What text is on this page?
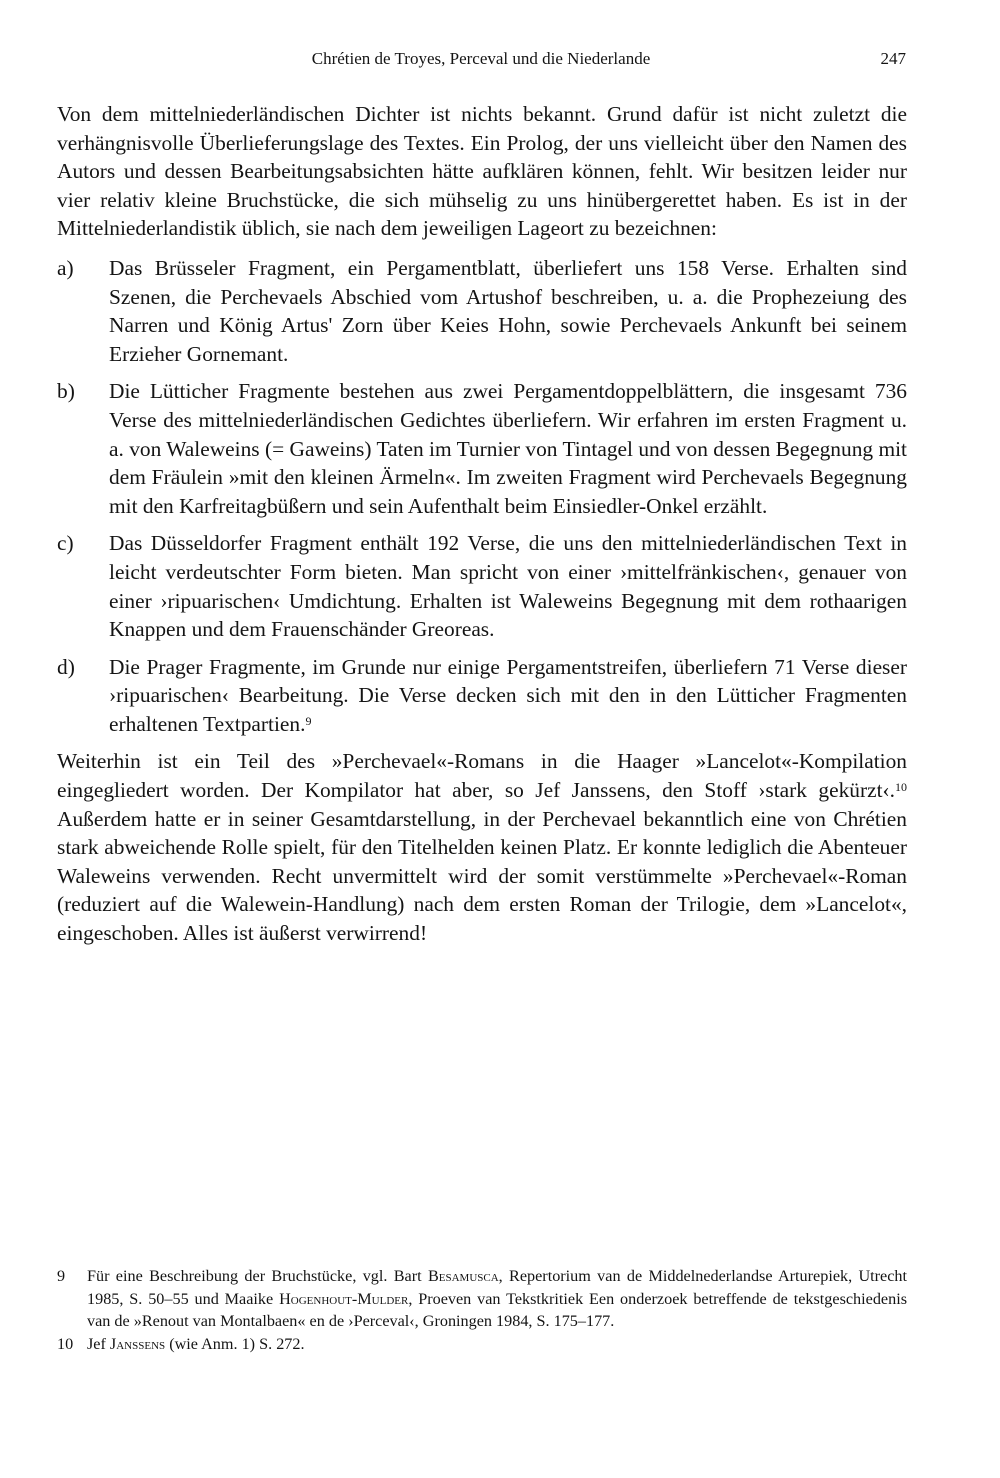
Chrétien de Troyes, Perceval und die Niederlande	247

Von dem mittelniederländischen Dichter ist nichts bekannt. Grund dafür ist nicht zuletzt die verhängnisvolle Überlieferungslage des Textes. Ein Prolog, der uns vielleicht über den Namen des Autors und dessen Bearbeitungsabsichten hätte aufklären können, fehlt. Wir besitzen leider nur vier relativ kleine Bruchstücke, die sich mühselig zu uns hinübergerettet haben. Es ist in der Mittelniederlandistik üblich, sie nach dem jeweiligen Lageort zu bezeichnen:

a) Das Brüsseler Fragment, ein Pergamentblatt, überliefert uns 158 Verse. Erhalten sind Szenen, die Perchevaels Abschied vom Artushof beschreiben, u. a. die Prophezeiung des Narren und König Artus' Zorn über Keies Hohn, sowie Perchevaels Ankunft bei seinem Erzieher Gornemant.
b) Die Lütticher Fragmente bestehen aus zwei Pergamentdoppelblättern, die insgesamt 736 Verse des mittelniederländischen Gedichtes überliefern. Wir erfahren im ersten Fragment u. a. von Waleweins (= Gaweins) Taten im Turnier von Tintagel und von dessen Begegnung mit dem Fräulein »mit den kleinen Ärmeln«. Im zweiten Fragment wird Perchevaels Begegnung mit den Karfreitagbüßern und sein Aufenthalt beim Einsiedler-Onkel erzählt.
c) Das Düsseldorfer Fragment enthält 192 Verse, die uns den mittelniederländischen Text in leicht verdeutschter Form bieten. Man spricht von einer ›mittelfränkischen‹, genauer von einer ›ripuarischen‹ Umdichtung. Erhalten ist Waleweins Begegnung mit dem rothaarigen Knappen und dem Frauenschänder Greoreas.
d) Die Prager Fragmente, im Grunde nur einige Pergamentstreifen, überliefern 71 Verse dieser ›ripuarischen‹ Bearbeitung. Die Verse decken sich mit den in den Lütticher Fragmenten erhaltenen Textpartien.$^9$

Weiterhin ist ein Teil des »Perchevael«-Romans in die Haager »Lancelot«-Kompilation eingegliedert worden. Der Kompilator hat aber, so Jef Janssens, den Stoff ›stark gekürzt‹.$^{10}$ Außerdem hatte er in seiner Gesamtdarstellung, in der Perchevael bekanntlich eine von Chrétien stark abweichende Rolle spielt, für den Titelhelden keinen Platz. Er konnte lediglich die Abenteuer Waleweins verwenden. Recht unvermittelt wird der somit verstümmelte »Perchevael«-Roman (reduziert auf die Walewein-Handlung) nach dem ersten Roman der Trilogie, dem »Lancelot«, eingeschoben. Alles ist äußerst verwirrend!

9 Für eine Beschreibung der Bruchstücke, vgl. Bart Besamusca, Repertorium van de Middelnederlandse Arturepiek, Utrecht 1985, S. 50–55 und Maaike Hogenhout-Mulder, Proeven van Tekstkritiek Een onderzoek betreffende de tekstgeschiedenis van de »Renout van Montalbaen« en de ›Perceval‹, Groningen 1984, S. 175–177.

10 Jef Janssens (wie Anm. 1) S. 272.
